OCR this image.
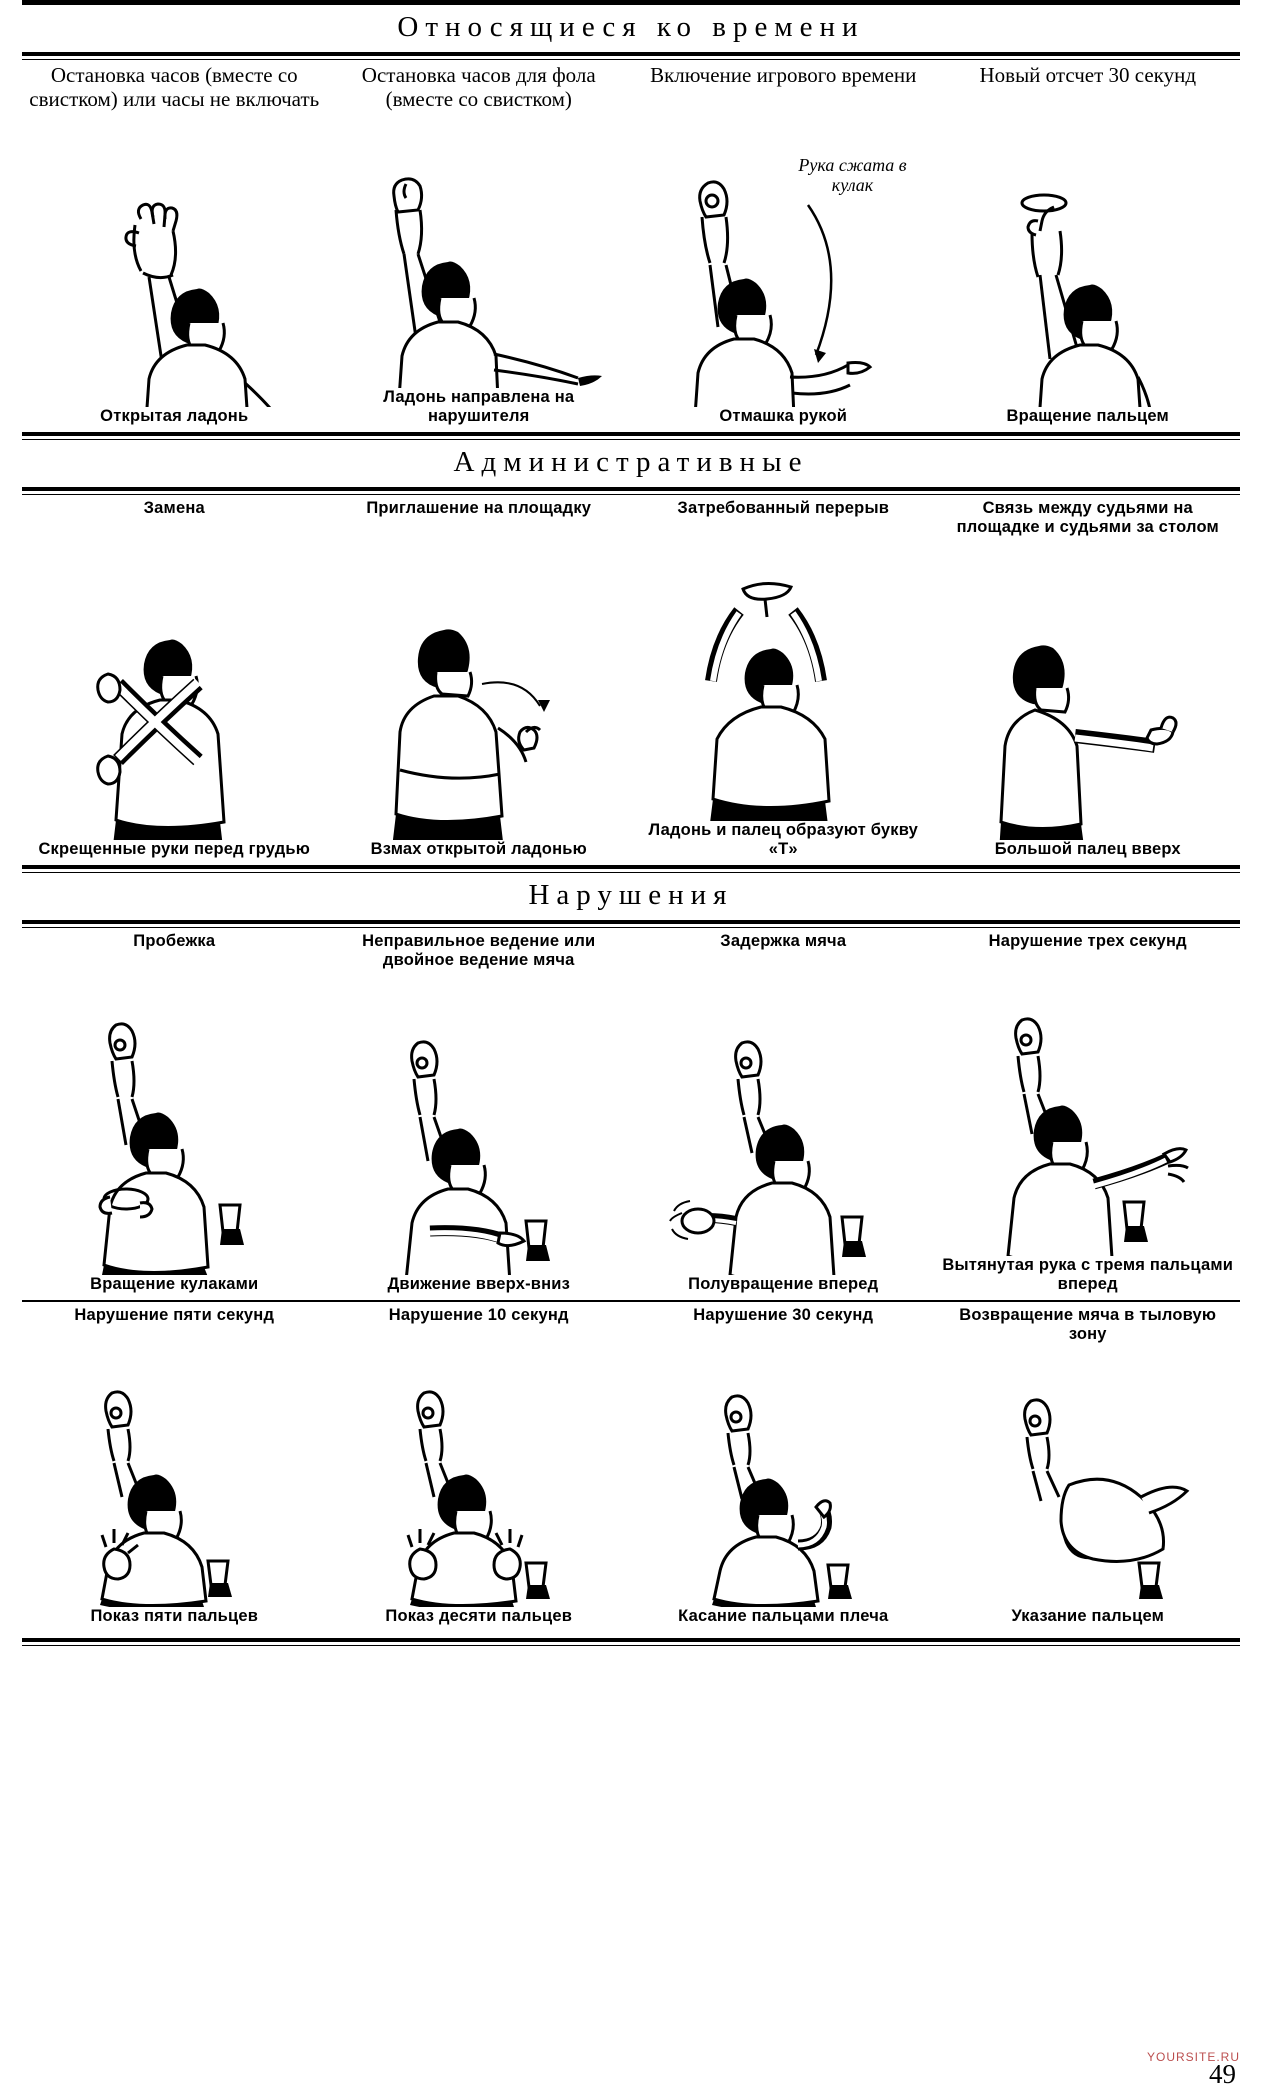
Относящиеся ко времени
Остановка часов (вместе со свистком) или часы не включать
Открытая ладонь
Остановка часов для фола (вместе со свистком)
Ладонь направлена на нарушителя
Включение игрового времени
Рука сжата в кулак
Отмашка рукой
Новый отсчет 30 секунд
Вращение пальцем
Административные
Замена
Скрещенные руки перед грудью
Приглашение на площадку
Взмах открытой ладонью
Затребованный перерыв
Ладонь и палец образуют букву «Т»
Связь между судьями на площадке и судьями за столом
Большой палец вверх
Нарушения
Пробежка
Вращение кулаками
Неправильное ведение или двойное ведение мяча
Движение вверх-вниз
Задержка мяча
Полувращение вперед
Нарушение трех секунд
Вытянутая рука с тремя пальцами вперед
Нарушение пяти секунд
Показ пяти пальцев
Нарушение 10 секунд
Показ десяти пальцев
Нарушение 30 секунд
Касание пальцами плеча
Возвращение мяча в тыловую зону
Указание пальцем
YOURSITE.RU
49
